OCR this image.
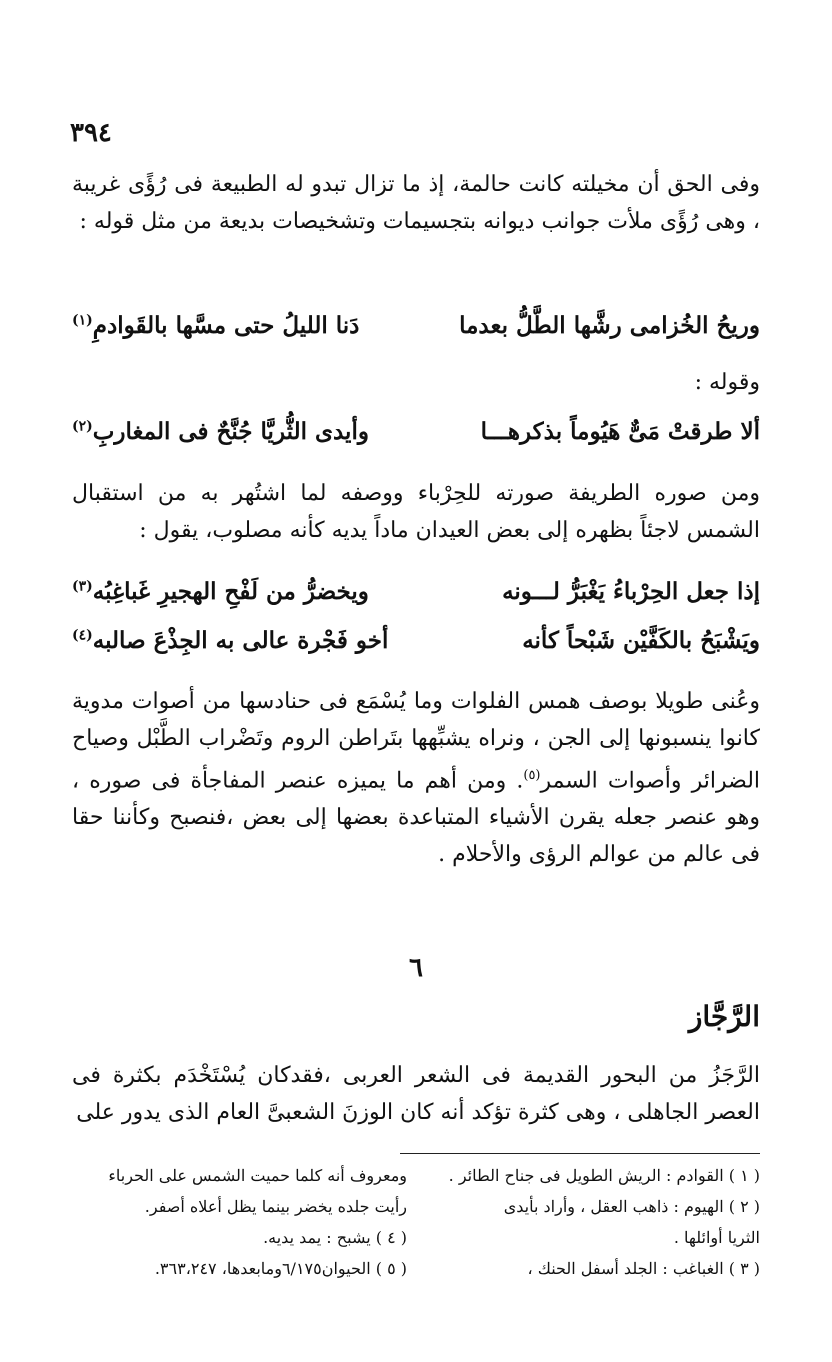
٣٩٤
وفى الحق أن مخيلته كانت حالمة، إذ ما تزال تبدو له الطبيعة فى رُؤًى غريبة ، وهى رُؤًى ملأت جوانب ديوانه بتجسيمات وتشخيصات بديعة من مثل قوله :
وريحُ الخُزامى رشَّها الطَّلُّ بعدما
دَنا الليلُ حتى مسَّها بالقَوادمِ$^{(١)}$
وقوله :
ألا طرقتْ مَىٌّ هَيُوماً بذكرهـــا
وأيدى الثُّريَّا جُنَّحٌ فى المغاربِ$^{(٢)}$
ومن صوره الطريفة صورته للحِرْباء ووصفه لما اشتُهر به من استقبال الشمس لاجئاً بظهره إلى بعض العيدان ماداً يديه كأنه مصلوب، يقول :
إذا جعل الحِرْباءُ يَغْبَرُّ لـــونه
ويخضرُّ من لَفْحِ الهجيرِ غَباغِبُه$^{(٣)}$
ويَشْبَحُ بالكَفَّيْن شَبْحاً كأنه
أخو فَجْرة عالى به الجِذْعَ صالبه$^{(٤)}$
وعُنى طويلا بوصف همس الفلوات وما يُسْمَع فى حنادسها من أصوات مدوية كانوا ينسبونها إلى الجن ، ونراه يشبِّهها بتَراطن الروم وتَضْراب الطَّبْل وصياح الضرائر وأصوات السمر$^{(٥)}$. ومن أهم ما يميزه عنصر المفاجأة فى صوره ، وهو عنصر جعله يقرن الأشياء المتباعدة بعضها إلى بعض ،فنصبح وكأننا حقا فى عالم من عوالم الرؤى والأحلام .
٦
الرَّجَّاز
الرَّجَزُ من البحور القديمة فى الشعر العربى ،فقدكان يُسْتَخْدَم بكثرة فى العصر الجاهلى ، وهى كثرة تؤكد أنه كان الوزنَ الشعبىَّ العام الذى يدور على
( ١ ) القوادم : الريش الطويل فى جناح الطائر .
( ٢ ) الهيوم : ذاهب العقل ، وأراد بأيدى
الثريا أوائلها .
( ٣ ) الغباغب : الجلد أسفل الحنك ،
ومعروف أنه كلما حميت الشمس على الحرباء
رأيت جلده يخضر بينما يظل أعلاه أصفر.
( ٤ ) يشبح : يمد يديه.
( ٥ ) الحيوان٦/١٧٥ومابعدها، ٣٦٣،٢٤٧.
